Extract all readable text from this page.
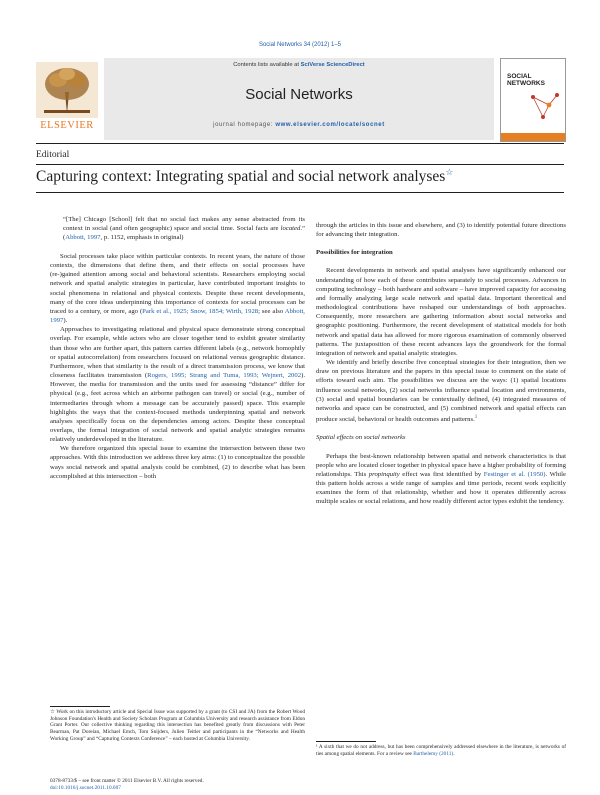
Social Networks 34 (2012) 1–5
ELSEVIER
Contents lists available at SciVerse ScienceDirect
Social Networks
journal homepage: www.elsevier.com/locate/socnet
SOCIAL NETWORKS
Editorial
Capturing context: Integrating spatial and social network analyses☆
“[The] Chicago [School] felt that no social fact makes any sense abstracted from its context in social (and often geographic) space and social time. Social facts are located.” (Abbott, 1997, p. 1152, emphasis in original)

Social processes take place within particular contexts. In recent years, the nature of those contexts, the dimensions that define them, and their effects on social processes have (re-)gained attention among social and behavioral scientists. Researchers employing social network and spatial analytic strategies in particular, have contributed important insights to social phenomena in relational and physical contexts. Despite these recent developments, many of the core ideas underpinning this importance of contexts for social processes can be traced to a century, or more, ago (Park et al., 1925; Snow, 1854; Wirth, 1928; see also Abbott, 1997).

Approaches to investigating relational and physical space demonstrate strong conceptual overlap. For example, while actors who are closer together tend to exhibit greater similarity than those who are further apart, this pattern carries different labels (e.g., network homophily or spatial autocorrelation) from researchers focused on relational versus geographic distance. Furthermore, when that similarity is the result of a direct transmission process, we know that closeness facilitates transmission (Rogers, 1995; Strang and Tuma, 1993; Wejnert, 2002). However, the media for transmission and the units used for assessing “distance” differ for physical (e.g., feet across which an airborne pathogen can travel) or social (e.g., number of intermediaries through whom a message can be accurately passed) space. This example highlights the ways that the context-focused methods underpinning spatial and network analyses specifically focus on the dependencies among actors. Despite these conceptual overlaps, the formal integration of social network and spatial analytic strategies remains relatively underdeveloped in the literature.

We therefore organized this special issue to examine the intersection between these two approaches. With this introduction we address three key aims: (1) to conceptualize the possible ways social network and spatial analysis could be combined, (2) to describe what has been accomplished at this intersection – both

through the articles in this issue and elsewhere, and (3) to identify potential future directions for advancing their integration.

Possibilities for integration

Recent developments in network and spatial analyses have significantly enhanced our understanding of how each of these contributes separately to social processes. Advances in computing technology – both hardware and software – have improved capacity for accessing and formally analyzing large scale network and spatial data. Important theoretical and methodological contributions have reshaped our understandings of both approaches. Consequently, more researchers are gathering information about social networks and geographic positioning. Furthermore, the recent development of statistical models for both network and spatial data has allowed for more rigorous examination of commonly observed patterns. The juxtaposition of these recent advances lays the groundwork for the formal integration of network and spatial analytic strategies.

We identify and briefly describe five conceptual strategies for their integration, then we draw on previous literature and the papers in this special issue to comment on the state of efforts toward each aim. The possibilities we discuss are the ways: (1) spatial locations influence social networks, (2) social networks influence spatial location and environments, (3) social and spatial boundaries can be contextually defined, (4) integrated measures of networks and space can be constructed, and (5) combined network and spatial effects can produce social, behavioral or health outcomes and patterns.$^1$

Spatial effects on social networks

Perhaps the best-known relationship between spatial and network characteristics is that people who are located closer together in physical space have a higher probability of forming relationships. This propinquity effect was first identified by Festinger et al. (1950). While this pattern holds across a wide range of samples and time periods, recent work explicitly examines the form of that relationship, whether and how it operates differently across multiple scales or social relations, and how readily different actor types exhibit the tendency.

☆ Work on this introductory article and Special Issue was supported by a grant (to CSI and JA) from the Robert Wood Johnson Foundation's Health and Society Scholars Program at Columbia University and research assistance from Eldon Grant Porter. Our collective thinking regarding this intersection has benefited greatly from discussions with Peter Bearman, Pat Doreian, Michael Emch, Tom Snijders, Julien Teitler and participants in the “Networks and Health Working Group” and “Capturing Contexts Conference” – each hosted at Columbia University.
¹ A sixth that we do not address, but has been comprehensively addressed elsewhere in the literature, is networks of ties among spatial elements. For a review see Barthelemy (2011).
0378-8733/$ – see front matter © 2011 Elsevier B.V. All rights reserved.
doi:10.1016/j.socnet.2011.10.007
